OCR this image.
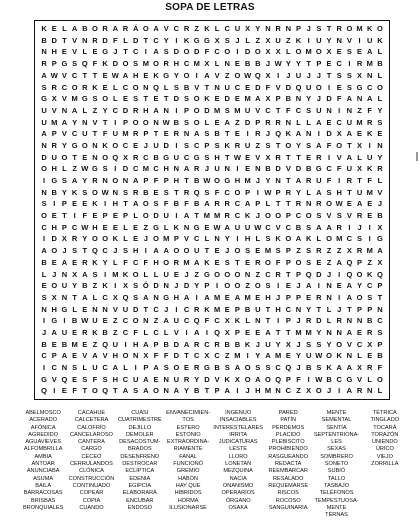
SOPA DE LETRAS
K E L A B O R A R Á O A V C R Z K L C U X Y N R N P J S T R O M K O
B D T V N R D F L D T C Y I K G G X S J L Z X U Z K I U Y N V I U K
N H E V L E G J T C I A S D O D F C O I D O X X L O M O X E S E A L
R P G S Q F K D O S M O R H C M X L N E B B J W Y Y T P E C I R M B
A W V C T T E W A H E K G Y O I A V Z O W Q X I J U J J T S S X N L
S R C O R K E L C O N Q L S B V T N U C E D F V D Q U O I E S G C O
G X V M G S O L E S T E T D S O K E D E M A X P B N Y J D F A N A L
U V N A L Z Y C D R H A N I P O D M S M U V C T F C S U N I N Z F Y
U M A Y N V T I P O O N W B S O L E A Z D P R R N L L A E C U M R S
A P V C U T F U M R P T E R N A S B T E I R J Q K A N I D X A E K E
N R Y G O N K O C E J U D I S C P S K R U Z S T O Y S A F O T X I N
D U O T E N O Q X R C B G U C G S H T W E V X R T T E R I V A L U Y
O H L Z W G S I D C M C H N A R J U N I E N B D V D B G C F U X K R
I G S A Y R N O N A P F P H T B W O G H M J Y N T A R U F I R T F L
N B Y K S O W N S R B E S T R Q S F C O P I W P R Y L A S H T U M V
S I P E E K I H T A O S F B F B A R R C A P L T T R N R O W E A E J
O E T I F E P E P L O D U I A T M M R C K J O O P C O S V S V R E B
C H P C W H E E L E Z G L K N G E W A U U W C V C B S A A R I J I X
I D X R Y O O K L E J O M P V C L N Y I H L S K O A K L O M C S I G
A O J S T Q C J S H I A A O O U T E J O S E M S P Z S R Z Z X R M A
B E A E R K Y L F C F H O R M A K E S T E R O F P O S E Z A Q P Z X
L J N X A S I M K O L L U E J Z G O O O N Z C R T P Q D J I Q O K Q
E O U Y B Z K I X S Ó D N J D Y P I O O Z O S I E J A I N E A Y C P
S X N T A L C X Q S A N G H A I A M E A M E H J P P E R N I A O S T
N H G L E N N V U D T C J I C R K M E P B U T H C N Y T L J T P P N
I G I B W U E Z C O N Z A U C Q F C X K L N T I P J R D L R N N B C
J A U E R K B Z C F L C L V I A I Q X P E E A T T M M Y N N A E R S
B E B M E Z Q U I H A P B D A R C R B B K J U Y X J S S Y O V C X P
C P A E V A V H O N X F F D T C X C Z M I Y A M E Y U W O K N L E B
I C N S L U C A L I P A S O E R G B S A O S S C Q J B S K A A X R F
G V Q E S F S H C U A E N U R Y D V K X O A O Q P F I W B C G V L O
Q I E F T O Q T A S A O N A Y B T P A I J H M N C Z X O J I A R N L
ABELMOSCO
ACERADO
AFÓNICA
AGREDIDO
AGUAVIEVES
ALFOMBRILLA
AMBIA
ANTOAR
ANUNCIABA
ASUMA
BAILA
BARRACOSAS
BRISBAS
BRONQUIALES
CACAHUE
CALCETERA
CALOFRÍO
CANCELAROSO
CANTERA
CARGO
CECEO
CERRULANDOS
CLÓNICA
CONSTRUCCIÓN
CONTINUADO
COPEAR
COPIA
CUANDO
CUASI
CUATRIMESTRE
DEJILLO
DEMOLER
DESACOSTUM-
BRADOS
DESENFRENO
DESTROCAR
ECLÍPTICA
EDENIA
EGIPCIA
ELABORARÁ
ENCUBAR
ENDOSO
ENVANECIMIEN-
TOS
ESTERO
ESTONIO
EXTRAORDINA-
RIAMENTE
FANAL
FUNCIONÓ
GREMIO
HABÓN
HAY QUE
HÍBRIDOS
HORMA
ILUSIONARSE
INGENUO
INSACIABLES
INTERESTELARES
IRRITA
JUDICATURAS
LESTE
LLORO
LONETAN
MEZQUINA
NACIA
ONANISMO
OPERARIOS
ÓRGANO
OSAKA
PARED
PATÍN
PERDEMOS
PLACIDO
PLEBISCITO
PROHIBIENDO
RASGUEANDO
REDACTA
REEMBARCAR
RESALADO
REQUEMARSE
RISCOS
ROCOSO
SANGUINARIA
MENTE
SEMENTAL
SENTÍA
SEPTENTRIONA-
LES
SEXAS
SOMBRERO
SONETO
SUBIÓ
TALLO
TASBAJO
TELÉFONOS
TEMPESTUOSA-
MENTE
TERNAS
TÉTRICA
TINGLADO
TOCARÁ
TORAZÓN
UNIENDO
ÚRICO
VIEJO
ZORRILLA
